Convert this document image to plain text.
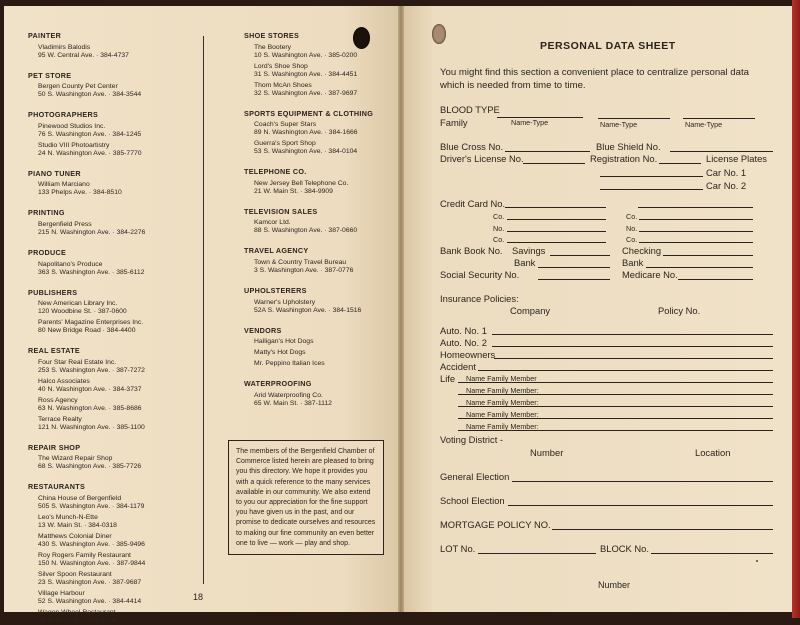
PAINTER
Vladimirs Balodis
95 W. Central Ave. · 384-4737
PET STORE
Bergen County Pet Center
50 S. Washington Ave. · 384-3544
PHOTOGRAPHERS
Pinewood Studios Inc.
76 S. Washington Ave. · 384-1245
Studio VIII Photoartistry
24 N. Washington Ave. · 385-7770
PIANO TUNER
William Marciano
133 Phelps Ave. · 384-8510
PRINTING
Bergenfield Press
215 N. Washington Ave. · 384-2276
PRODUCE
Napolitano's Produce
363 S. Washington Ave. · 385-6112
PUBLISHERS
New American Library Inc.
120 Woodbine St. · 387-0600
Parents' Magazine Enterprises Inc.
80 New Bridge Road · 384-4400
REAL ESTATE
Four Star Real Estate Inc.
253 S. Washington Ave. · 387-7272
Halco Associates
40 N. Washington Ave. · 384-3737
Ross Agency
63 N. Washington Ave. · 385-8686
Terrace Realty
121 N. Washington Ave. · 385-1100
REPAIR SHOP
The Wizard Repair Shop
68 S. Washington Ave. · 385-7726
RESTAURANTS
China House of Bergenfield
505 S. Washington Ave. · 384-1179
Leo's Munch-N-Ette
13 W. Main St. · 384-0318
Matthews Colonial Diner
430 S. Washington Ave. · 385-9496
Roy Rogers Family Restaurant
150 N. Washington Ave. · 387-9844
Silver Spoon Restaurant
23 S. Washington Ave. · 387-9687
Village Harbour
52 S. Washington Ave. · 384-4414
Wagon Wheel Restaurant
16 S. Front St. · 384-9464
SHOE STORES
The Bootery
10 S. Washington Ave. · 385-0200
Lord's Shoe Shop
31 S. Washington Ave. · 384-4451
Thom McAn Shoes
32 S. Washington Ave. · 387-9697
SPORTS EQUIPMENT & CLOTHING
Coach's Super Stars
89 N. Washington Ave. · 384-1666
Guerra's Sport Shop
53 S. Washington Ave. · 384-0104
TELEPHONE CO.
New Jersey Bell Telephone Co.
21 W. Main St. · 384-9909
TELEVISION SALES
Kamcor Ltd.
88 S. Washington Ave. · 387-0660
TRAVEL AGENCY
Town & Country Travel Bureau
3 S. Washington Ave. · 387-0776
UPHOLSTERERS
Warner's Upholstery
52A S. Washington Ave. · 384-1516
VENDORS
Halligan's Hot Dogs
Matty's Hot Dogs
Mr. Peppino Italian Ices
WATERPROOFING
Arid Waterproofing Co.
65 W. Main St. · 387-1112
The members of the Bergenfield Chamber of Commerce listed herein are pleased to bring you this directory. We hope it provides you with a quick reference to the many services available in our community. We also extend to you our appreciation for the fine support you have given us in the past, and our promise to dedicate ourselves and resources to making our fine community an even better one to live — work — play and shop.
18
PERSONAL DATA SHEET
You might find this section a convenient place to centralize personal data which is needed from time to time.
BLOOD TYPE
Family	Name-Type	Name-Type	Name-Type
Blue Cross No.	Blue Shield No.
Driver's License No.	Registration No.	License Plates
Car No. 1
Car No. 2
Credit Card No.
Co.	Co.
No.	No.
Co.	Co.
Bank Book No. Savings	Checking
Bank	Bank
Social Security No.	Medicare No.
Insurance Policies:
Company	Policy No.
Auto. No. 1
Auto. No. 2
Homeowners
Accident
Life Name Family Member
Name Family Member:
Name Family Member:
Name Family Member:
Name Family Member:
Voting District -
Number	Location
General Election
School Election
MORTGAGE POLICY NO.
LOT No.	BLOCK No.
Number
